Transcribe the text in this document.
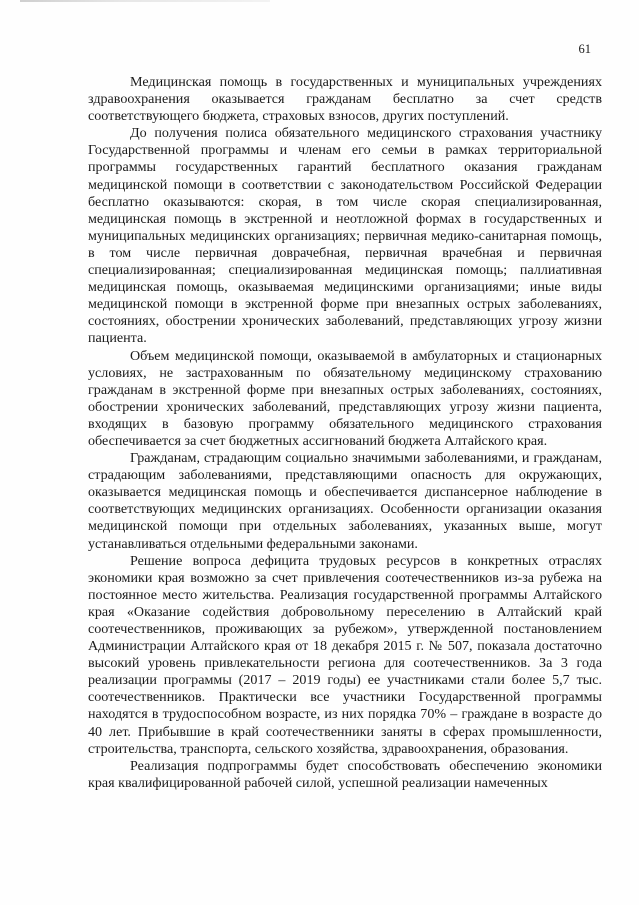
61

Медицинская помощь в государственных и муниципальных учреждениях здравоохранения оказывается гражданам бесплатно за счет средств соответствующего бюджета, страховых взносов, других поступлений.

До получения полиса обязательного медицинского страхования участнику Государственной программы и членам его семьи в рамках территориальной программы государственных гарантий бесплатного оказания гражданам медицинской помощи в соответствии с законодательством Российской Федерации бесплатно оказываются: скорая, в том числе скорая специализированная, медицинская помощь в экстренной и неотложной формах в государственных и муниципальных медицинских организациях; первичная медико-санитарная помощь, в том числе первичная доврачебная, первичная врачебная и первичная специализированная; специализированная медицинская помощь; паллиативная медицинская помощь, оказываемая медицинскими организациями; иные виды медицинской помощи в экстренной форме при внезапных острых заболеваниях, состояниях, обострении хронических заболеваний, представляющих угрозу жизни пациента.

Объем медицинской помощи, оказываемой в амбулаторных и стационарных условиях, не застрахованным по обязательному медицинскому страхованию гражданам в экстренной форме при внезапных острых заболеваниях, состояниях, обострении хронических заболеваний, представляющих угрозу жизни пациента, входящих в базовую программу обязательного медицинского страхования обеспечивается за счет бюджетных ассигнований бюджета Алтайского края.

Гражданам, страдающим социально значимыми заболеваниями, и гражданам, страдающим заболеваниями, представляющими опасность для окружающих, оказывается медицинская помощь и обеспечивается диспансерное наблюдение в соответствующих медицинских организациях. Особенности организации оказания медицинской помощи при отдельных заболеваниях, указанных выше, могут устанавливаться отдельными федеральными законами.

Решение вопроса дефицита трудовых ресурсов в конкретных отраслях экономики края возможно за счет привлечения соотечественников из-за рубежа на постоянное место жительства. Реализация государственной программы Алтайского края «Оказание содействия добровольному переселению в Алтайский край соотечественников, проживающих за рубежом», утвержденной постановлением Администрации Алтайского края от 18 декабря 2015 г. № 507, показала достаточно высокий уровень привлекательности региона для соотечественников. За 3 года реализации программы (2017 – 2019 годы) ее участниками стали более 5,7 тыс. соотечественников. Практически все участники Государственной программы находятся в трудоспособном возрасте, из них порядка 70% – граждане в возрасте до 40 лет. Прибывшие в край соотечественники заняты в сферах промышленности, строительства, транспорта, сельского хозяйства, здравоохранения, образования.

Реализация подпрограммы будет способствовать обеспечению экономики края квалифицированной рабочей силой, успешной реализации намеченных
